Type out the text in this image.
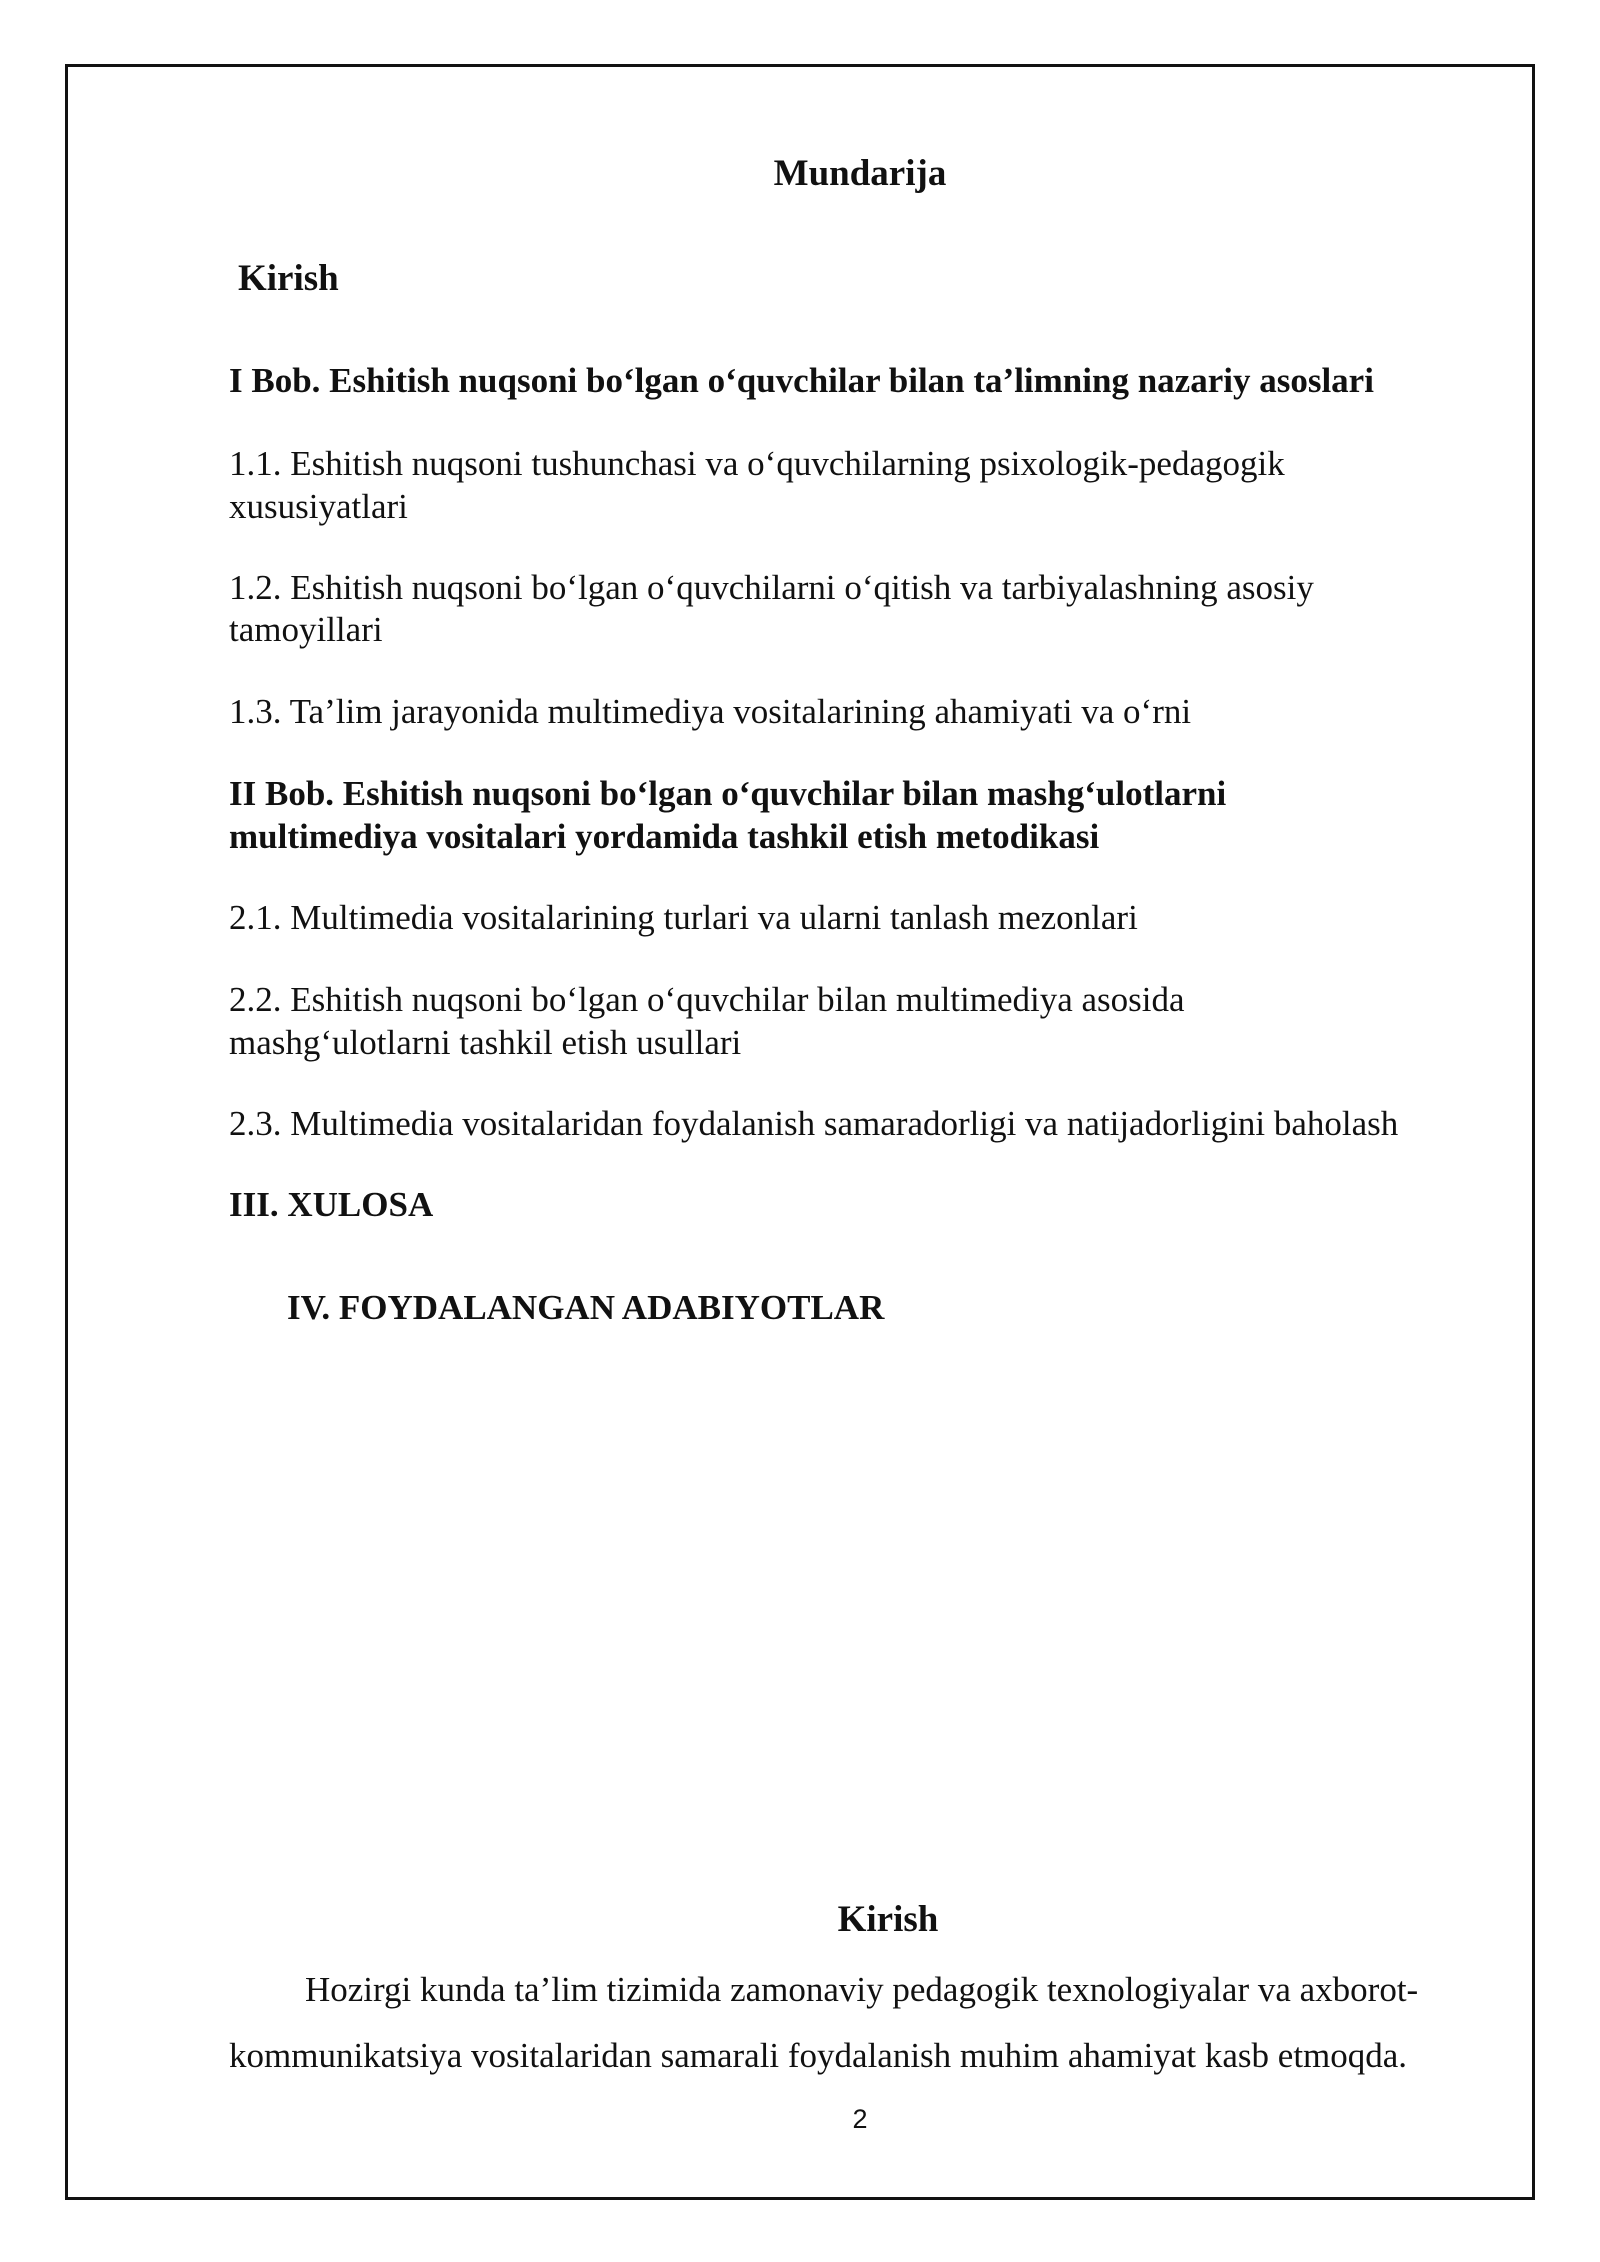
Mundarija

Kirish

I Bob. Eshitish nuqsoni bo‘lgan o‘quvchilar bilan ta’limning nazariy asoslari

1.1. Eshitish nuqsoni tushunchasi va o‘quvchilarning psixologik-pedagogik

xususiyatlari

1.2. Eshitish nuqsoni bo‘lgan o‘quvchilarni o‘qitish va tarbiyalashning asosiy

tamoyillari

1.3. Ta’lim jarayonida multimediya vositalarining ahamiyati va o‘rni

II Bob. Eshitish nuqsoni bo‘lgan o‘quvchilar bilan mashg‘ulotlarni

multimediya vositalari yordamida tashkil etish metodikasi

2.1. Multimedia vositalarining turlari va ularni tanlash mezonlari

2.2. Eshitish nuqsoni bo‘lgan o‘quvchilar bilan multimediya asosida

mashg‘ulotlarni tashkil etish usullari

2.3. Multimedia vositalaridan foydalanish samaradorligi va natijadorligini baholash

III. XULOSA

IV. FOYDALANGAN ADABIYOTLAR

Kirish

Hozirgi kunda ta’lim tizimida zamonaviy pedagogik texnologiyalar va axborot-

kommunikatsiya vositalaridan samarali foydalanish muhim ahamiyat kasb etmoqda.

2
